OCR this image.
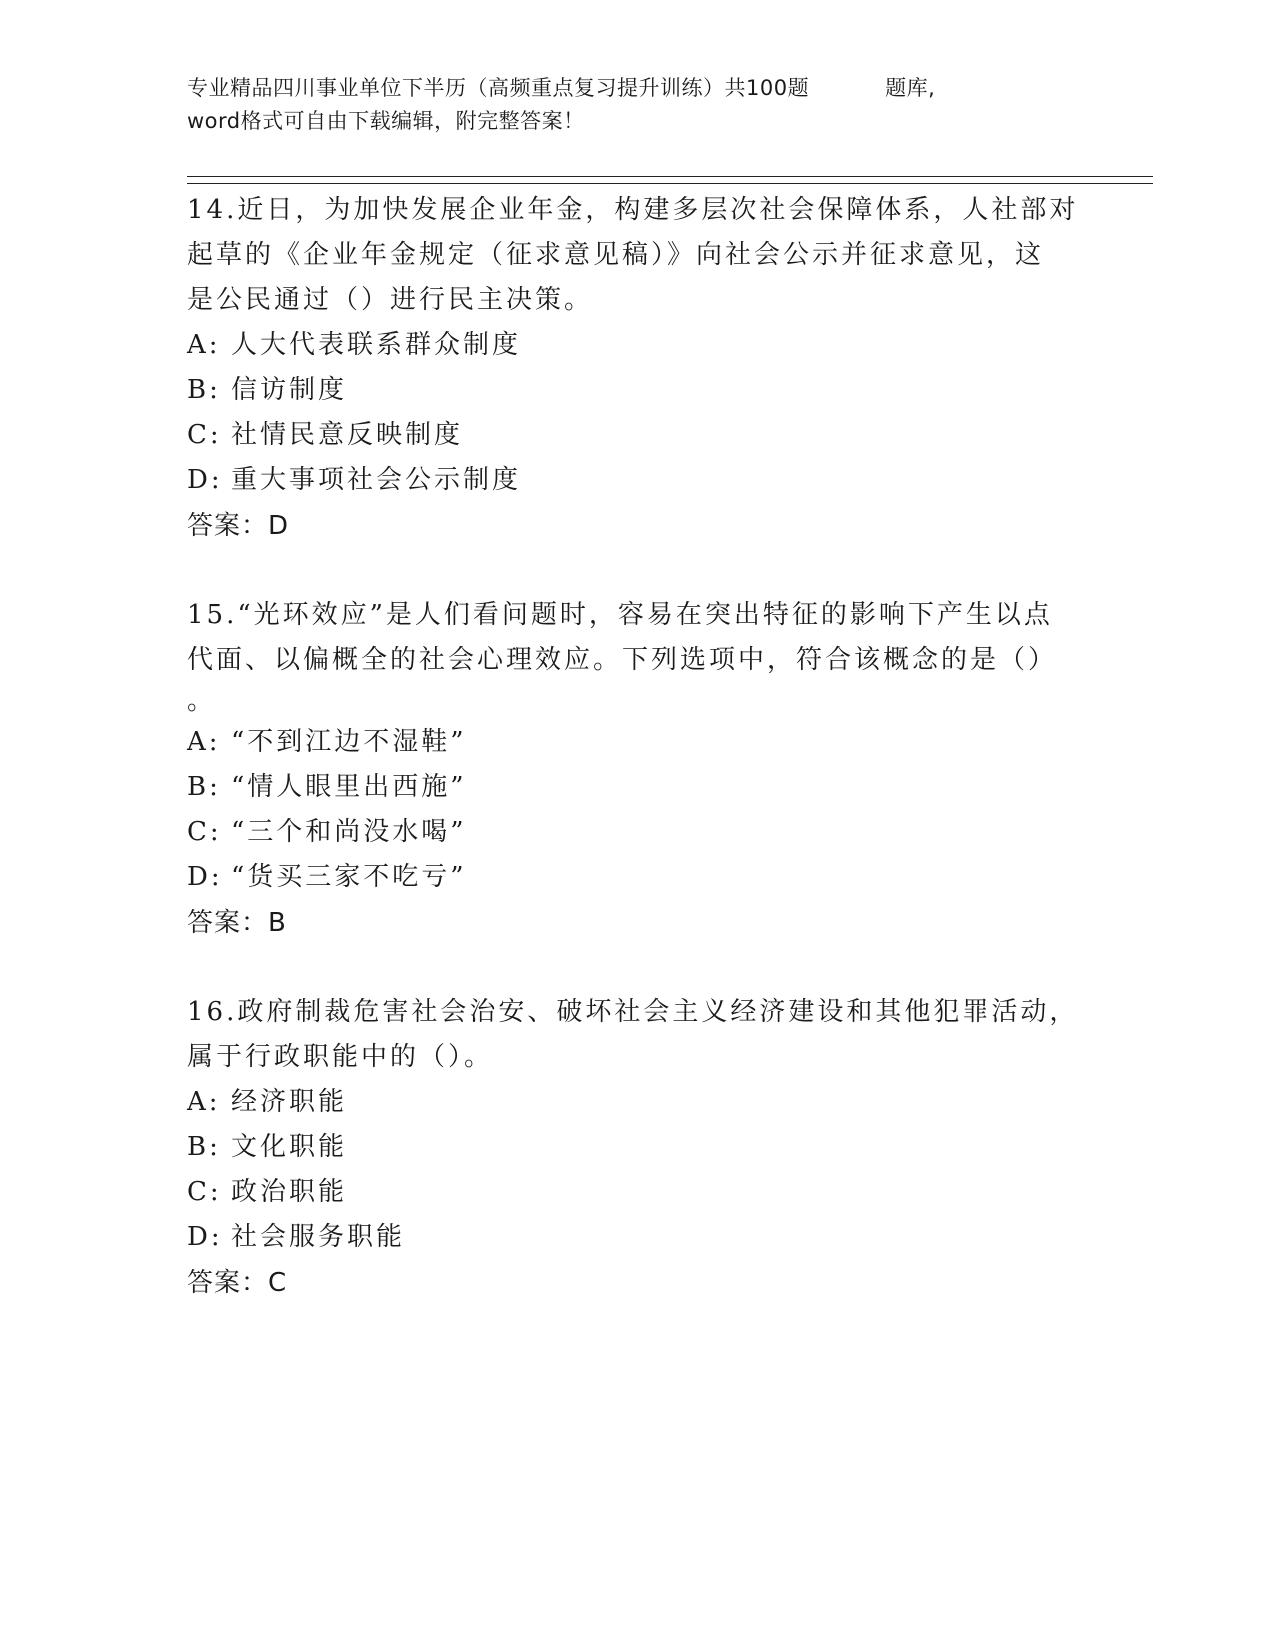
专业精品四川事业单位下半历（高频重点复习提升训练）共100题	题库,
word格式可自由下载编辑，附完整答案！
14.近日，为加快发展企业年金，构建多层次社会保障体系，人社部对
起草的《企业年金规定（征求意见稿）》向社会公示并征求意见，这
是公民通过（）进行民主决策。
A: 人大代表联系群众制度
B: 信访制度
C: 社情民意反映制度
D: 重大事项社会公示制度
答案：D
15.“光环效应”是人们看问题时，容易在突出特征的影响下产生以点
代面、以偏概全的社会心理效应。下列选项中，符合该概念的是（）
。
A: “不到江边不湿鞋”
B: “情人眼里出西施”
C: “三个和尚没水喝”
D: “货买三家不吃亏”
答案：B
16.政府制裁危害社会治安、破坏社会主义经济建设和其他犯罪活动，
属于行政职能中的（）。
A: 经济职能
B: 文化职能
C: 政治职能
D: 社会服务职能
答案：C
